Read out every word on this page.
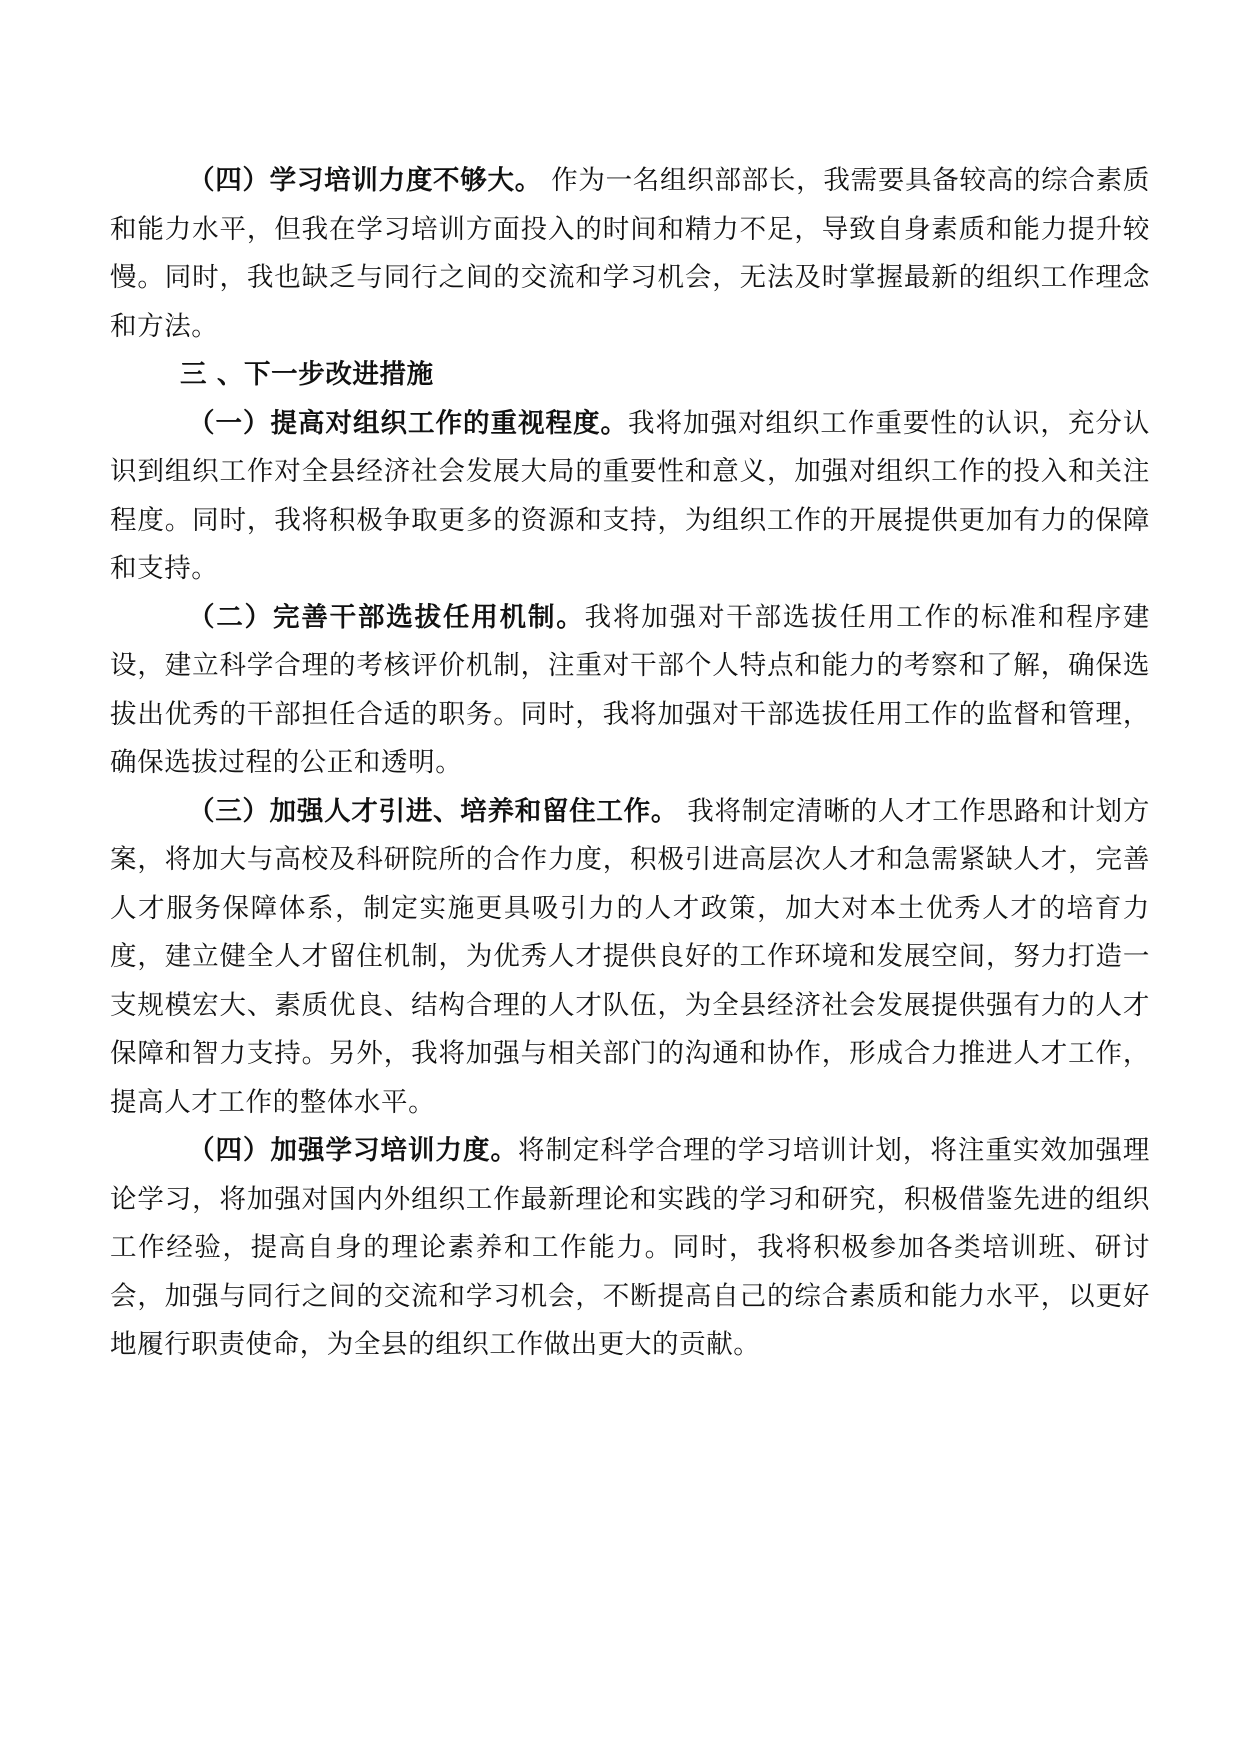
（四）学习培训力度不够大。 作为一名组织部部长，我需要具备较高的综合素质和能力水平，但我在学习培训方面投入的时间和精力不足，导致自身素质和能力提升较慢。同时，我也缺乏与同行之间的交流和学习机会，无法及时掌握最新的组织工作理念和方法。

三 、下一步改进措施

（一）提高对组织工作的重视程度。我将加强对组织工作重要性的认识，充分认识到组织工作对全县经济社会发展大局的重要性和意义，加强对组织工作的投入和关注程度。同时，我将积极争取更多的资源和支持，为组织工作的开展提供更加有力的保障和支持。

（二）完善干部选拔任用机制。我将加强对干部选拔任用工作的标准和程序建设，建立科学合理的考核评价机制，注重对干部个人特点和能力的考察和了解，确保选拔出优秀的干部担任合适的职务。同时，我将加强对干部选拔任用工作的监督和管理，确保选拔过程的公正和透明。

（三）加强人才引进、培养和留住工作。 我将制定清晰的人才工作思路和计划方案，将加大与高校及科研院所的合作力度，积极引进高层次人才和急需紧缺人才，完善人才服务保障体系，制定实施更具吸引力的人才政策，加大对本土优秀人才的培育力度，建立健全人才留住机制，为优秀人才提供良好的工作环境和发展空间，努力打造一支规模宏大、素质优良、结构合理的人才队伍，为全县经济社会发展提供强有力的人才保障和智力支持。另外，我将加强与相关部门的沟通和协作，形成合力推进人才工作，提高人才工作的整体水平。

（四）加强学习培训力度。将制定科学合理的学习培训计划，将注重实效加强理论学习，将加强对国内外组织工作最新理论和实践的学习和研究，积极借鉴先进的组织工作经验，提高自身的理论素养和工作能力。同时，我将积极参加各类培训班、研讨会，加强与同行之间的交流和学习机会，不断提高自己的综合素质和能力水平，以更好地履行职责使命，为全县的组织工作做出更大的贡献。
